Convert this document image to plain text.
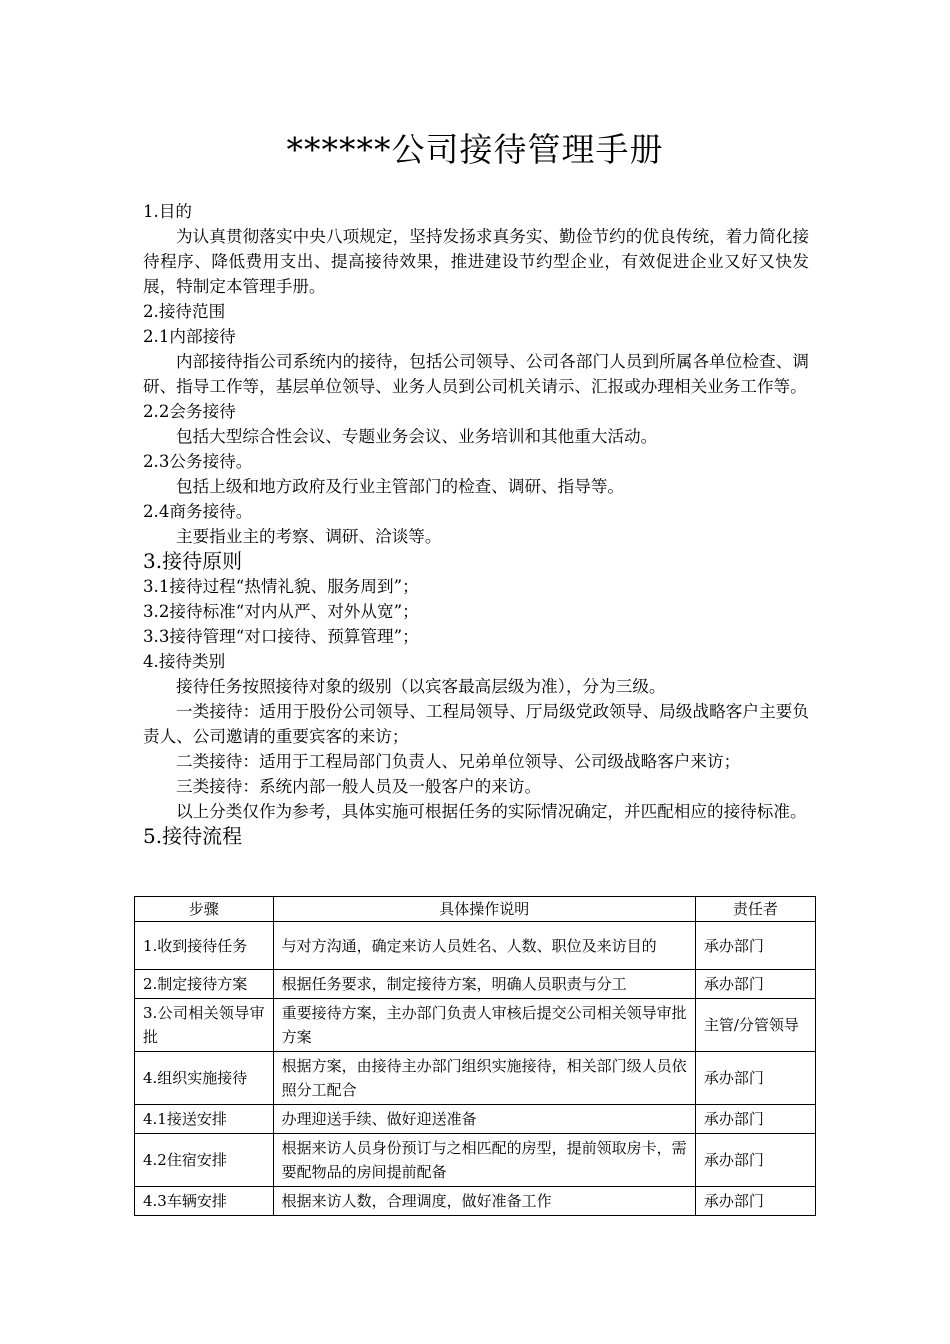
******公司接待管理手册

1.目的

为认真贯彻落实中央八项规定，坚持发扬求真务实、勤俭节约的优良传统，着力简化接待程序、降低费用支出、提高接待效果，推进建设节约型企业，有效促进企业又好又快发展，特制定本管理手册。

2.接待范围

2.1内部接待

内部接待指公司系统内的接待，包括公司领导、公司各部门人员到所属各单位检查、调研、指导工作等，基层单位领导、业务人员到公司机关请示、汇报或办理相关业务工作等。

2.2会务接待

包括大型综合性会议、专题业务会议、业务培训和其他重大活动。

2.3公务接待。

包括上级和地方政府及行业主管部门的检查、调研、指导等。

2.4商务接待。

主要指业主的考察、调研、洽谈等。

3.接待原则

3.1接待过程“热情礼貌、服务周到”；

3.2接待标准“对内从严、对外从宽”；

3.3接待管理“对口接待、预算管理”；

4.接待类别

接待任务按照接待对象的级别（以宾客最高层级为准），分为三级。

一类接待：适用于股份公司领导、工程局领导、厅局级党政领导、局级战略客户主要负责人、公司邀请的重要宾客的来访；

二类接待：适用于工程局部门负责人、兄弟单位领导、公司级战略客户来访；

三类接待：系统内部一般人员及一般客户的来访。

以上分类仅作为参考，具体实施可根据任务的实际情况确定，并匹配相应的接待标准。

5.接待流程

步骤	具体操作说明	责任者
1.收到接待任务	与对方沟通，确定来访人员姓名、人数、职位及来访目的	承办部门
2.制定接待方案	根据任务要求，制定接待方案，明确人员职责与分工	承办部门
3.公司相关领导审批	重要接待方案，主办部门负责人审核后提交公司相关领导审批方案	主管/分管领导
4.组织实施接待	根据方案，由接待主办部门组织实施接待，相关部门级人员依照分工配合	承办部门
4.1接送安排	办理迎送手续、做好迎送准备	承办部门
4.2住宿安排	根据来访人员身份预订与之相匹配的房型，提前领取房卡，需要配物品的房间提前配备	承办部门
4.3车辆安排	根据来访人数，合理调度，做好准备工作	承办部门
